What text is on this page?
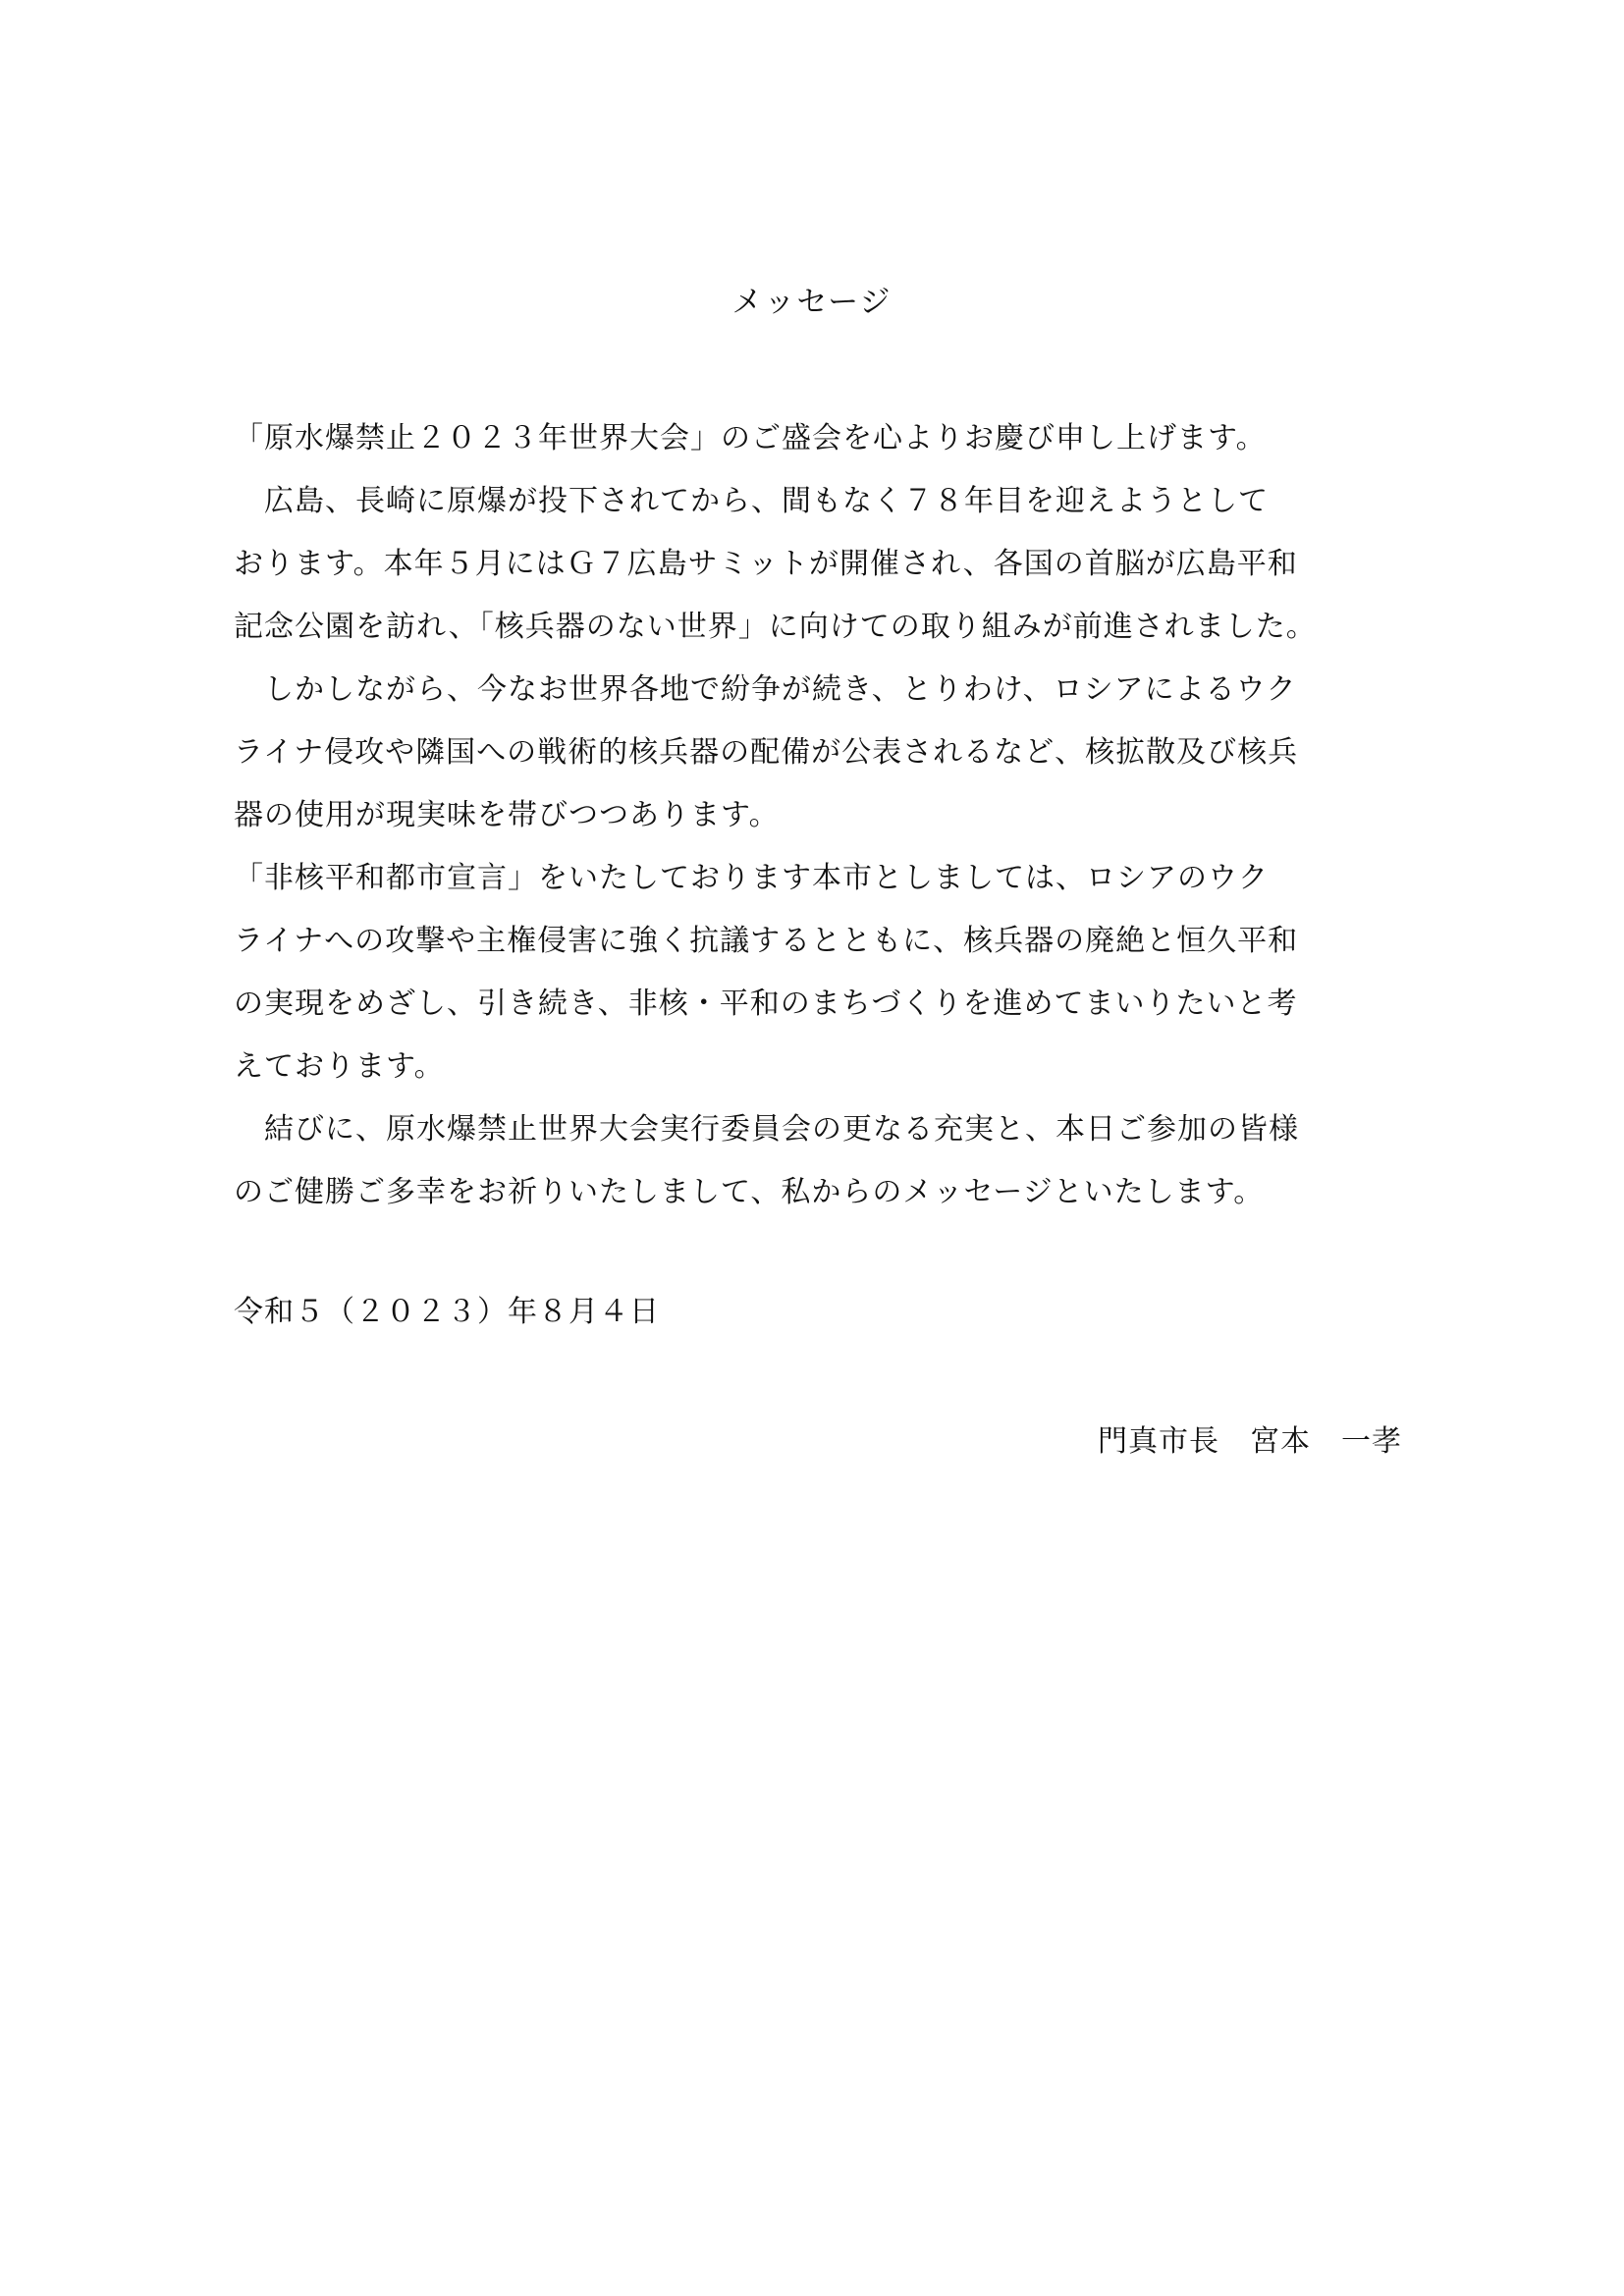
メッセージ

「原水爆禁止２０２３年世界大会」のご盛会を心よりお慶び申し上げます。

　広島、長崎に原爆が投下されてから、間もなく７８年目を迎えようとして
おります。本年５月にはＧ７広島サミットが開催され、各国の首脳が広島平和
記念公園を訪れ、「核兵器のない世界」に向けての取り組みが前進されました。

　しかしながら、今なお世界各地で紛争が続き、とりわけ、ロシアによるウク
ライナ侵攻や隣国への戦術的核兵器の配備が公表されるなど、核拡散及び核兵
器の使用が現実味を帯びつつあります。

「非核平和都市宣言」をいたしております本市としましては、ロシアのウク
ライナへの攻撃や主権侵害に強く抗議するとともに、核兵器の廃絶と恒久平和
の実現をめざし、引き続き、非核・平和のまちづくりを進めてまいりたいと考
えております。

　結びに、原水爆禁止世界大会実行委員会の更なる充実と、本日ご参加の皆様
のご健勝ご多幸をお祈りいたしまして、私からのメッセージといたします。

令和５（２０２３）年８月４日
門真市長　宮本　一孝
